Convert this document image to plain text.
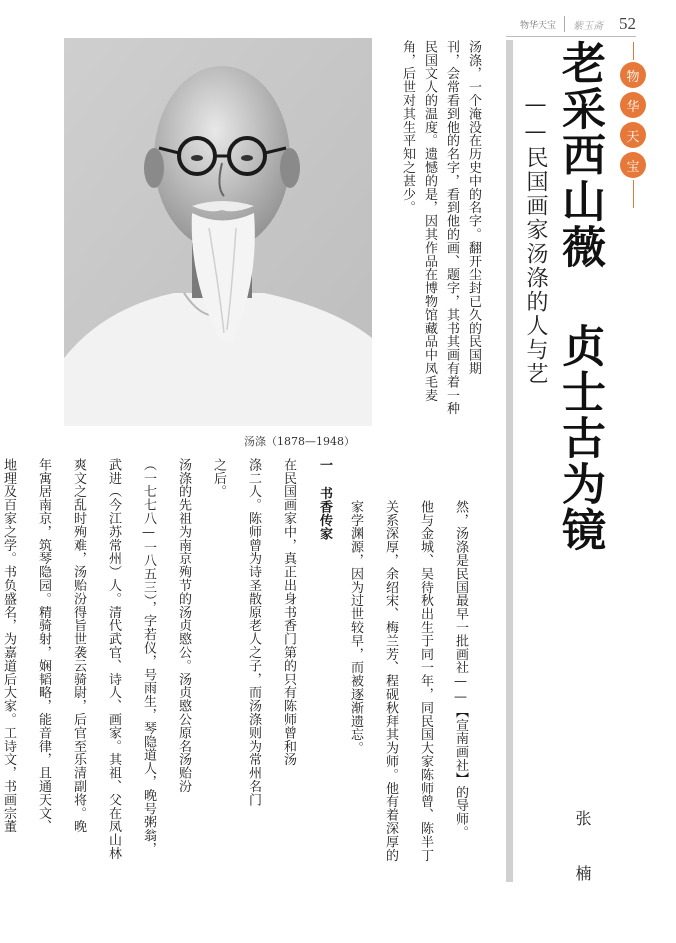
物华天宝 紫玉斋 52
汤涤（1878—1948）

汤涤，一个淹没在历史中的名字。翻开尘封已久的民国期

刊，会常看到他的名字，看到他的画、题字，其书其画有着一种

民国文人的温度。遗憾的是，因其作品在博物馆藏品中凤毛麦

角，后世对其生平知之甚少。

然，汤涤是民国最早一批画社——【宣南画社】的导师。

他与金城、吴待秋出生于同一年，同民国大家陈师曾、陈半丁

关系深厚，余绍宋、梅兰芳、程砚秋拜其为师。他有着深厚的

家学渊源，因为过世较早，而被逐渐遗忘。

一 书香传家

在民国画家中，真正出身书香门第的只有陈师曾和汤

涤二人。陈师曾为诗圣散原老人之子，而汤涤则为常州名门

之后。

汤涤的先祖为南京殉节的汤贞愍公。汤贞愍公原名汤贻汾

（一七七八—一八五三），字若仪，号雨生，琴隐道人，晚号粥翁，

武进（今江苏常州）人。清代武官、诗人、画家。其祖、父在凤山林

爽文之乱时殉难，汤贻汾得旨世袭云骑尉，后官至乐清副将。晚

年寓居南京，筑琴隐园。精骑射，娴韬略，能音律，且通天文、

地理及百家之学。书负盛名，为嘉道后大家。工诗文，书画宗董

老采西山薇 贞士古为镜
——民国画家汤涤的人与艺
张 楠
物
华
天
宝
